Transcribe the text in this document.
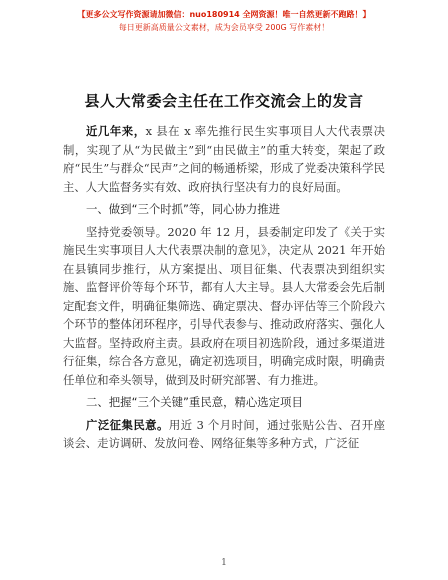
【更多公文写作资源请加微信：nuo180914 全网资源！唯一自然更新不跑路！】
每日更新高质量公文素材，成为会员享受 200G 写作素材！
县人大常委会主任在工作交流会上的发言

近几年来，x 县在 x 率先推行民生实事项目人大代表票决制，实现了从“为民做主”到“由民做主”的重大转变，架起了政府“民生”与群众“民声”之间的畅通桥梁，形成了党委决策科学民主、人大监督务实有效、政府执行坚决有力的良好局面。

一、做到“三个时抓”等，同心协力推进

坚持党委领导。2020 年 12 月，县委制定印发了《关于实施民生实事项目人大代表票决制的意见》，决定从 2021 年开始在县镇同步推行，从方案提出、项目征集、代表票决到组织实施、监督评价等每个环节，都有人大主导。县人大常委会先后制定配套文件，明确征集筛选、确定票决、督办评估等三个阶段六个环节的整体闭环程序，引导代表参与、推动政府落实、强化人大监督。坚持政府主责。县政府在项目初选阶段，通过多渠道进行征集，综合各方意见，确定初选项目，明确完成时限，明确责任单位和牵头领导，做到及时研究部署、有力推进。

二、把握“三个关键”重民意，精心选定项目

广泛征集民意。用近 3 个月时间，通过张贴公告、召开座谈会、走访调研、发放问卷、网络征集等多种方式，广泛征

1
